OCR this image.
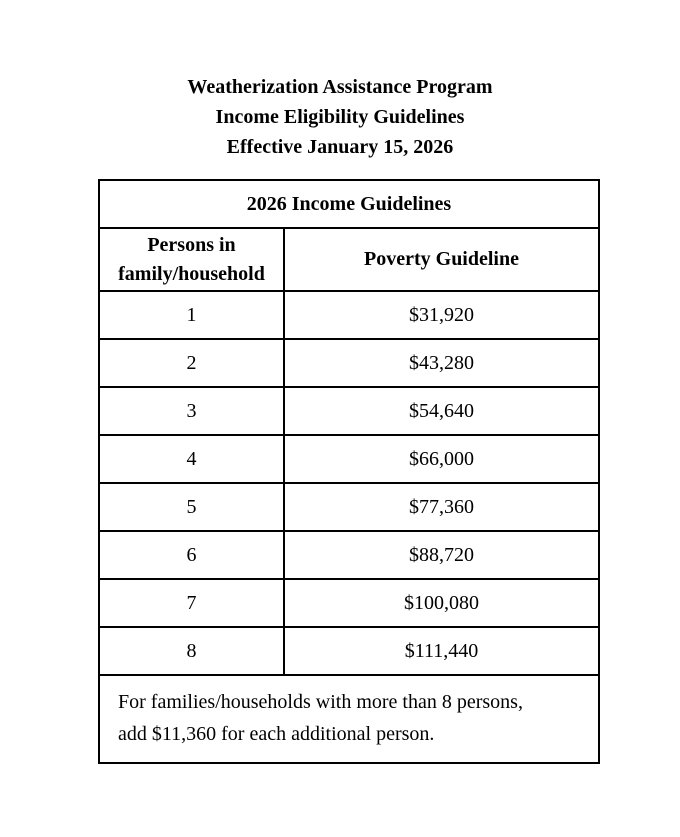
Weatherization Assistance Program
Income Eligibility Guidelines
Effective January 15, 2026
2026 Income Guidelines	

Persons in
family/household	Poverty Guideline
1	$31,920
2	$43,280
3	$54,640
4	$66,000
5	$77,360
6	$88,720
7	$100,080
8	$111,440

For families/households with more than 8 persons,
add $11,360 for each additional person.	
